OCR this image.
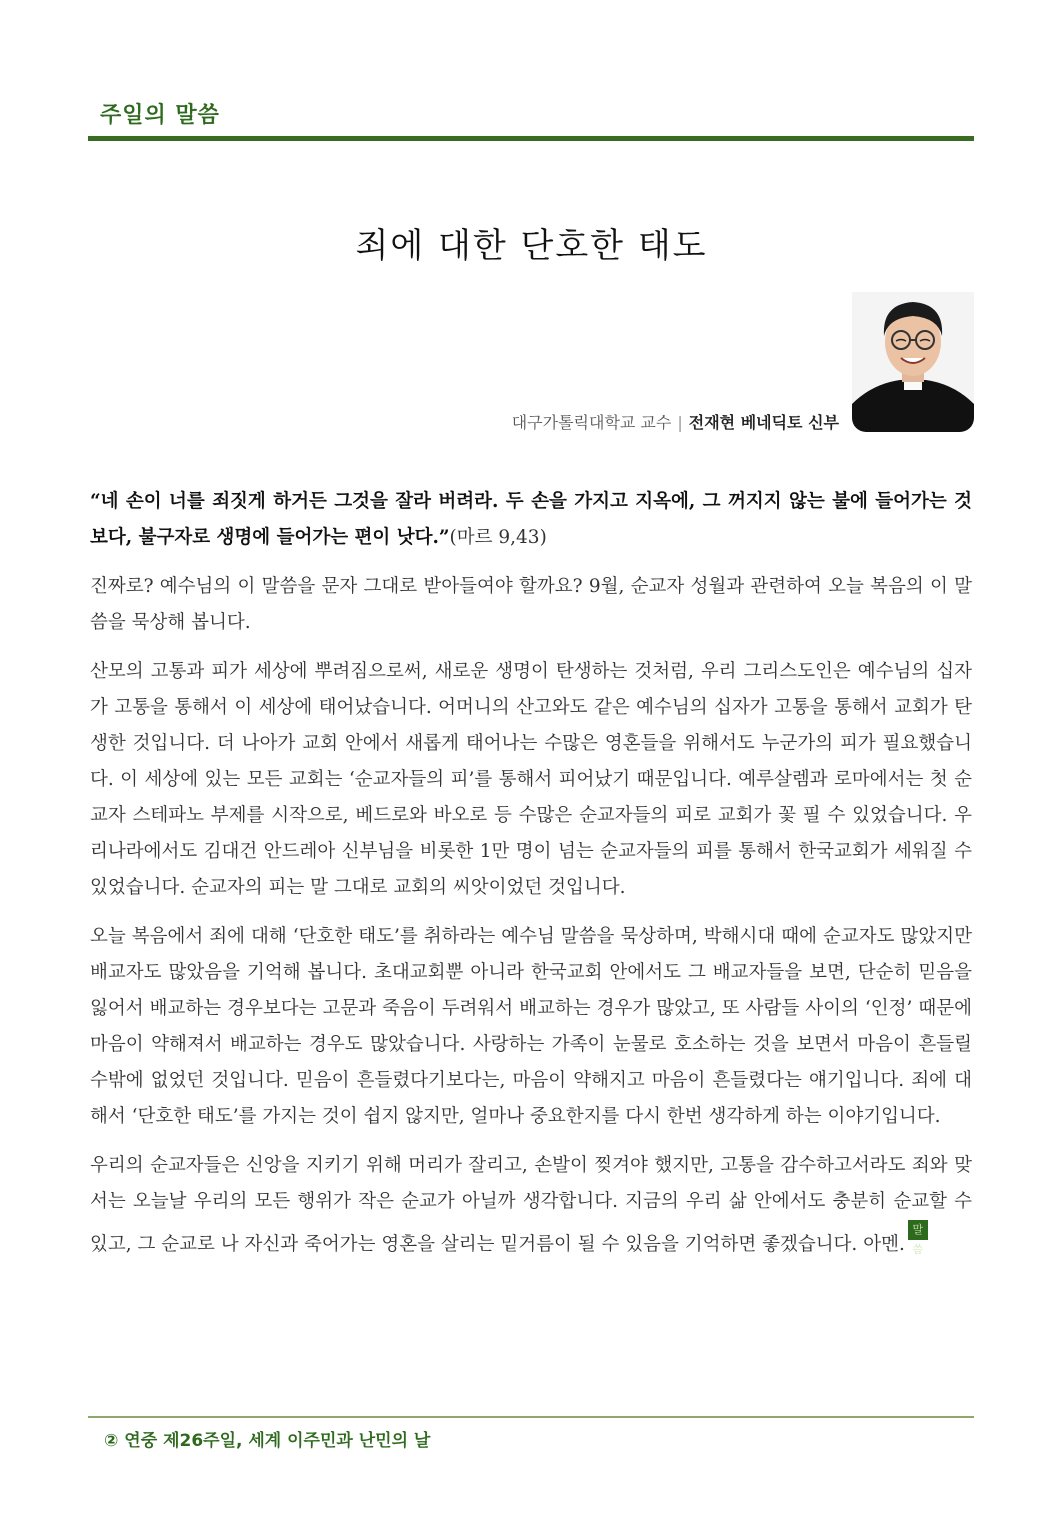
주일의 말씀
죄에 대한 단호한 태도
대구가톨릭대학교 교수 | 전재현 베네딕토 신부

“네 손이 너를 죄짓게 하거든 그것을 잘라 버려라. 두 손을 가지고 지옥에, 그 꺼지지 않는 불에 들어가는 것보다, 불구자로 생명에 들어가는 편이 낫다.”(마르 9,43)

진짜로? 예수님의 이 말씀을 문자 그대로 받아들여야 할까요? 9월, 순교자 성월과 관련하여 오늘 복음의 이 말씀을 묵상해 봅니다.

산모의 고통과 피가 세상에 뿌려짐으로써, 새로운 생명이 탄생하는 것처럼, 우리 그리스도인은 예수님의 십자가 고통을 통해서 이 세상에 태어났습니다. 어머니의 산고와도 같은 예수님의 십자가 고통을 통해서 교회가 탄생한 것입니다. 더 나아가 교회 안에서 새롭게 태어나는 수많은 영혼들을 위해서도 누군가의 피가 필요했습니다. 이 세상에 있는 모든 교회는 ‘순교자들의 피’를 통해서 피어났기 때문입니다. 예루살렘과 로마에서는 첫 순교자 스테파노 부제를 시작으로, 베드로와 바오로 등 수많은 순교자들의 피로 교회가 꽃 필 수 있었습니다. 우리나라에서도 김대건 안드레아 신부님을 비롯한 1만 명이 넘는 순교자들의 피를 통해서 한국교회가 세워질 수 있었습니다. 순교자의 피는 말 그대로 교회의 씨앗이었던 것입니다.

오늘 복음에서 죄에 대해 ‘단호한 태도’를 취하라는 예수님 말씀을 묵상하며, 박해시대 때에 순교자도 많았지만 배교자도 많았음을 기억해 봅니다. 초대교회뿐 아니라 한국교회 안에서도 그 배교자들을 보면, 단순히 믿음을 잃어서 배교하는 경우보다는 고문과 죽음이 두려워서 배교하는 경우가 많았고, 또 사람들 사이의 ‘인정’ 때문에 마음이 약해져서 배교하는 경우도 많았습니다. 사랑하는 가족이 눈물로 호소하는 것을 보면서 마음이 흔들릴 수밖에 없었던 것입니다. 믿음이 흔들렸다기보다는, 마음이 약해지고 마음이 흔들렸다는 얘기입니다. 죄에 대해서 ‘단호한 태도’를 가지는 것이 쉽지 않지만, 얼마나 중요한지를 다시 한번 생각하게 하는 이야기입니다.

우리의 순교자들은 신앙을 지키기 위해 머리가 잘리고, 손발이 찢겨야 했지만, 고통을 감수하고서라도 죄와 맞서는 오늘날 우리의 모든 행위가 작은 순교가 아닐까 생각합니다. 지금의 우리 삶 안에서도 충분히 순교할 수 있고, 그 순교로 나 자신과 죽어가는 영혼을 살리는 밑거름이 될 수 있음을 기억하면 좋겠습니다. 아멘.말씀

② 연중 제26주일, 세계 이주민과 난민의 날
